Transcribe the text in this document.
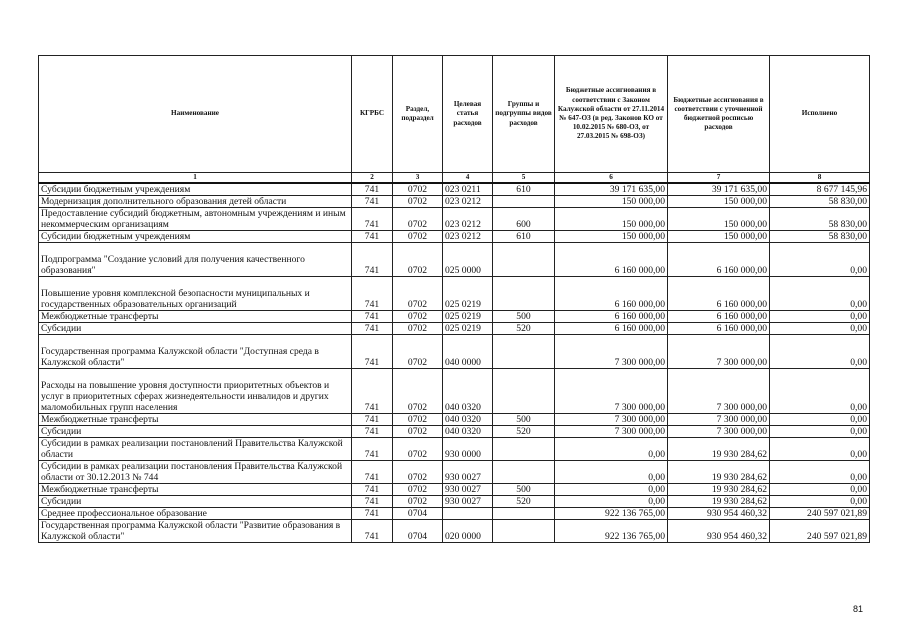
Наименование	КГРБС	Раздел, подраздел	Целевая статья расходов	Группы и подгруппы видов расходов	Бюджетные ассигнования в соответствии с Законом Калужской области от 27.11.2014 № 647-ОЗ (в ред. Законов КО от 10.02.2015 № 680-ОЗ, от 27.03.2015 № 698-ОЗ)	Бюджетные ассигнования в соответствии с уточненной бюджетной росписью расходов	Исполнено
1	2	3	4	5	6	7	8
Субсидии бюджетным учреждениям	741	0702	023 0211	610	39 171 635,00	39 171 635,00	8 677 145,96
Модернизация дополнительного образования детей области	741	0702	023 0212		150 000,00	150 000,00	58 830,00
Предоставление субсидий бюджетным, автономным учреждениям и иным некоммерческим организациям	741	0702	023 0212	600	150 000,00	150 000,00	58 830,00
Субсидии бюджетным учреждениям	741	0702	023 0212	610	150 000,00	150 000,00	58 830,00
Подпрограмма "Создание условий для получения качественного образования"	741	0702	025 0000		6 160 000,00	6 160 000,00	0,00
Повышение уровня комплексной безопасности муниципальных и государственных образовательных организаций	741	0702	025 0219		6 160 000,00	6 160 000,00	0,00
Межбюджетные трансферты	741	0702	025 0219	500	6 160 000,00	6 160 000,00	0,00
Субсидии	741	0702	025 0219	520	6 160 000,00	6 160 000,00	0,00
Государственная программа Калужской области "Доступная среда в Калужской области"	741	0702	040 0000		7 300 000,00	7 300 000,00	0,00
Расходы на повышение уровня доступности приоритетных объектов и услуг в приоритетных сферах жизнедеятельности инвалидов и других маломобильных групп населения	741	0702	040 0320		7 300 000,00	7 300 000,00	0,00
Межбюджетные трансферты	741	0702	040 0320	500	7 300 000,00	7 300 000,00	0,00
Субсидии	741	0702	040 0320	520	7 300 000,00	7 300 000,00	0,00
Субсидии в рамках реализации постановлений Правительства Калужской области	741	0702	930 0000		0,00	19 930 284,62	0,00
Субсидии в рамках реализации постановления Правительства Калужской области от 30.12.2013 № 744	741	0702	930 0027		0,00	19 930 284,62	0,00
Межбюджетные трансферты	741	0702	930 0027	500	0,00	19 930 284,62	0,00
Субсидии	741	0702	930 0027	520	0,00	19 930 284,62	0,00
Среднее профессиональное образование	741	0704			922 136 765,00	930 954 460,32	240 597 021,89
Государственная программа Калужской области "Развитие образования в Калужской области"	741	0704	020 0000		922 136 765,00	930 954 460,32	240 597 021,89
81
